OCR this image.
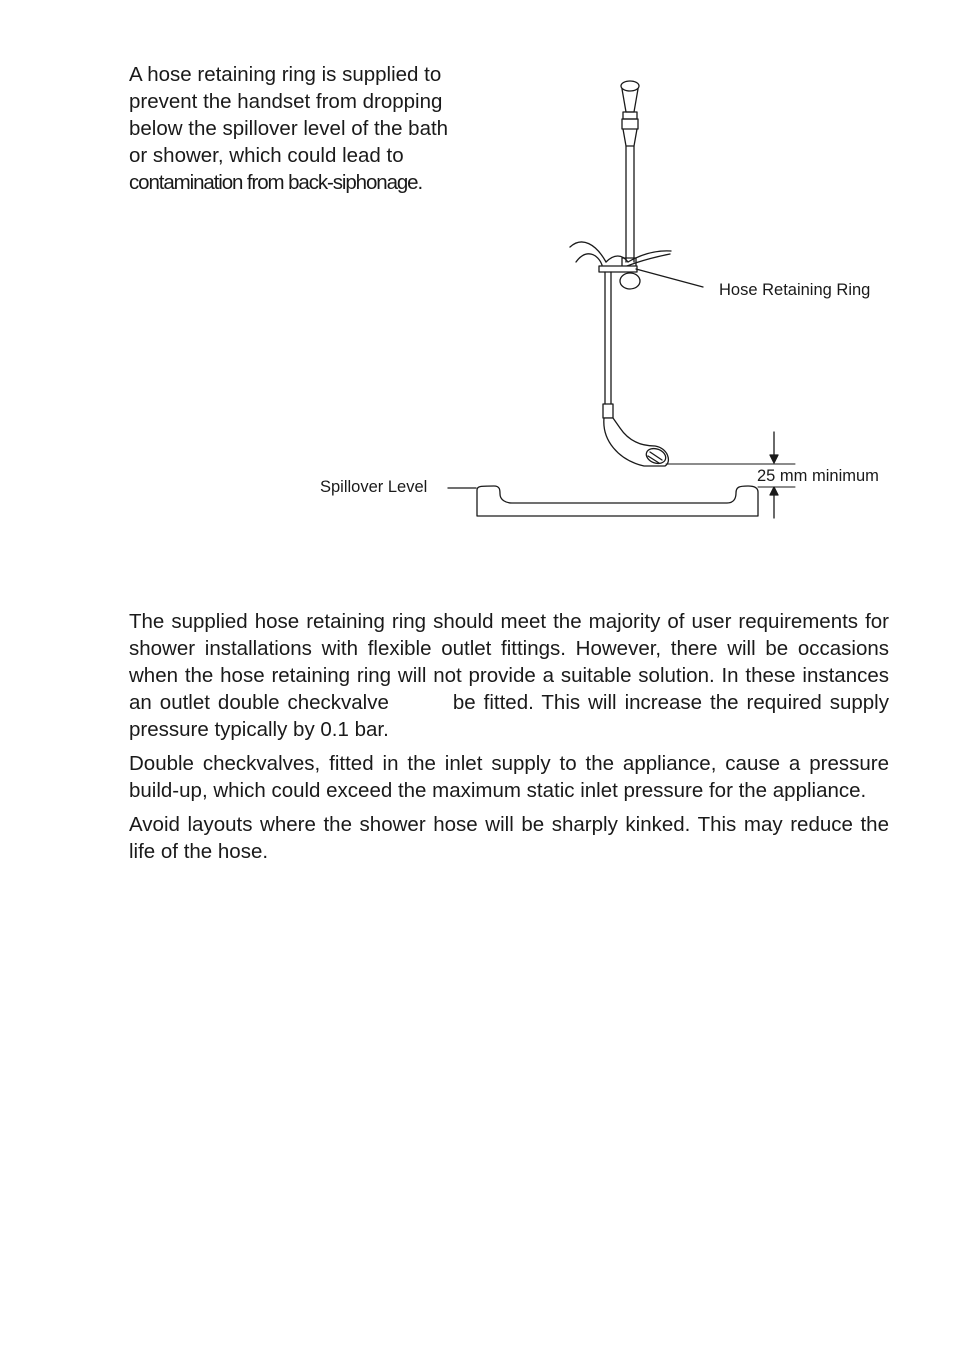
A hose retaining ring is supplied to
prevent the handset from dropping
below the spillover level of the bath
or shower, which could lead to
contamination from back-siphonage.
Hose Retaining Ring
25 mm minimum
Spillover Level

The supplied hose retaining ring should meet the majority of user requirements for shower installations with flexible outlet fittings. However, there will be occasions when the hose retaining ring will not provide a suitable solution. In these instances an outlet double checkvalve	be fitted. This will increase the required supply pressure typically by 0.1 bar.

Double checkvalves, fitted in the inlet supply to the appliance, cause a pressure build-up, which could exceed the maximum static inlet pressure for the appliance.

Avoid layouts where the shower hose will be sharply kinked. This may reduce the life of the hose.
